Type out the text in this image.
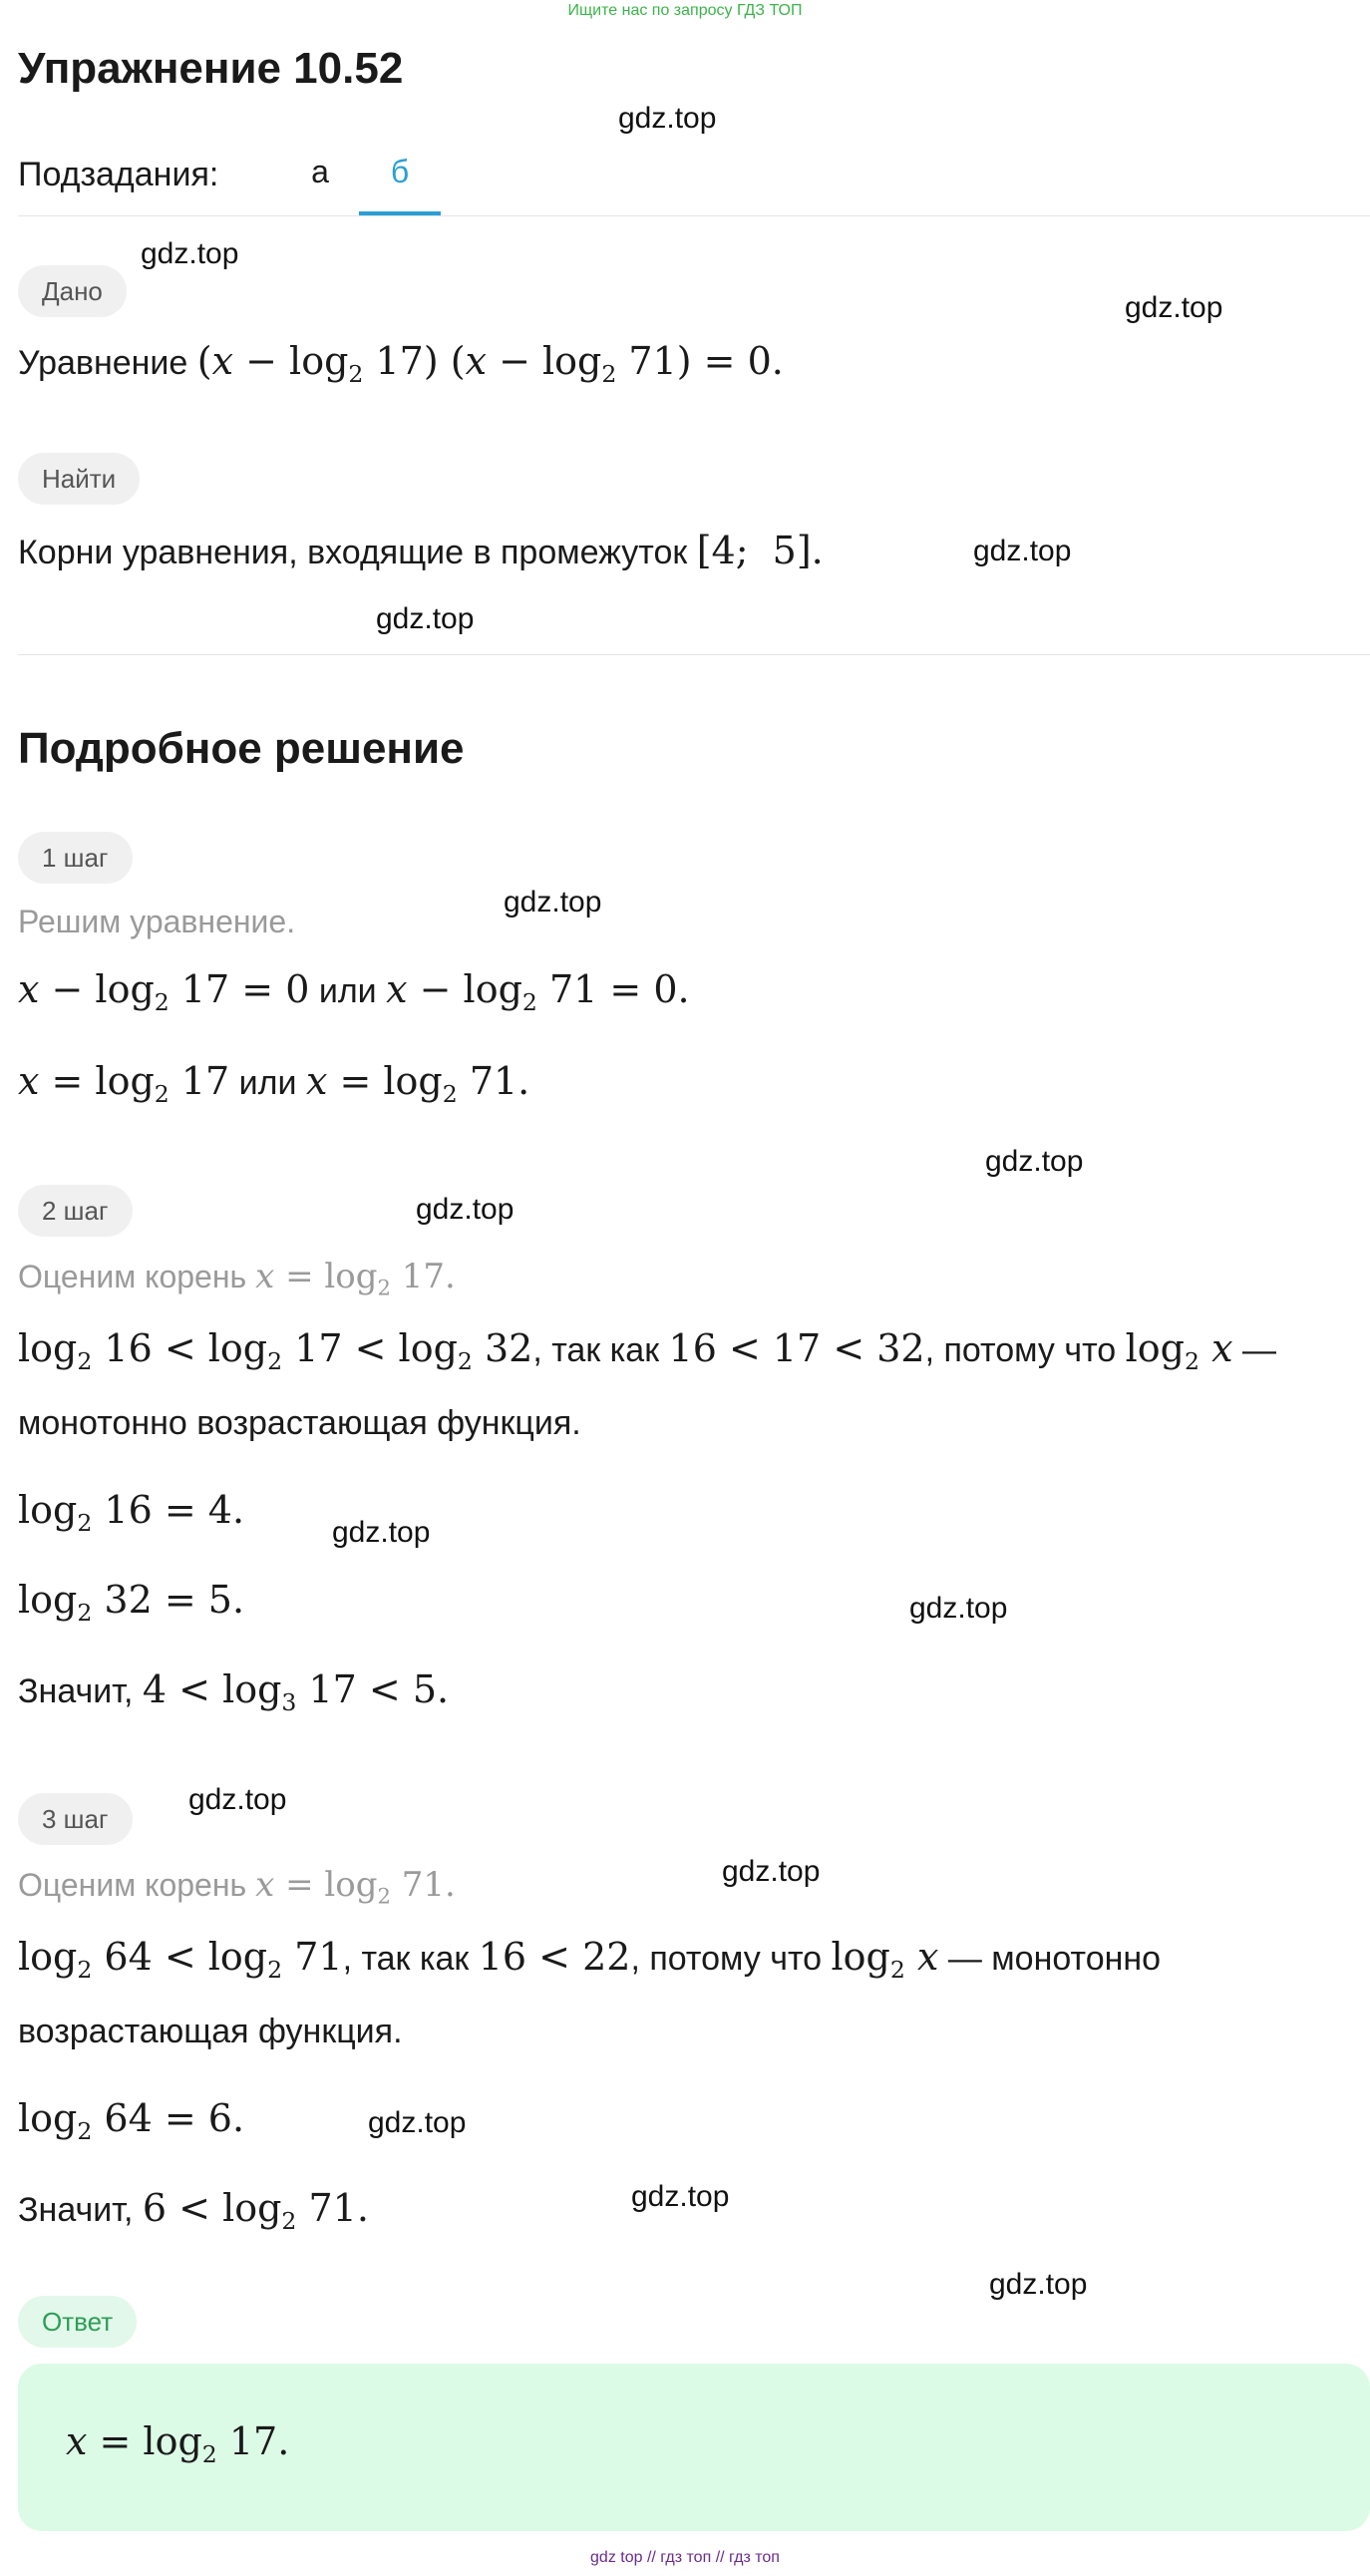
Ищите нас по запросу ГДЗ ТОП
Упражнение 10.52
Подзадания:	а	б
Дано
Уравнение $(x - \log_2 17)$ $(x - \log_2 71) = 0$.
Найти
Корни уравнения, входящие в промежуток [4;  5].
Подробное решение
1 шаг
Решим уравнение.
$x - \log_2 17 = 0$ или $x - \log_2 71 = 0$.
$x = \log_2 17$ или $x = \log_2 71$.
2 шаг
Оценим корень $x = \log_2 17$.
$\log_2 16 < \log_2 17 < \log_2 32$, так как 16 < 17 < 32, потому что $\log_2 x$ —
монотонно возрастающая функция.
$\log_2 16 = 4$.
$\log_2 32 = 5$.
Значит, $4 < \log_3 17 < 5$.
3 шаг
Оценим корень $x = \log_2 71$.
$\log_2 64 < \log_2 71$, так как 16 < 22, потому что $\log_2 x$ — монотонно
возрастающая функция.
$\log_2 64 = 6$.
Значит, $6 < \log_2 71$.
Ответ
$x = \log_2 17$.
gdz.top
gdz.top
gdz.top
gdz.top
gdz.top
gdz.top
gdz.top
gdz.top
gdz.top
gdz.top
gdz.top
gdz.top
gdz.top
gdz.top
gdz.top
gdz top // гдз топ // гдз топ
